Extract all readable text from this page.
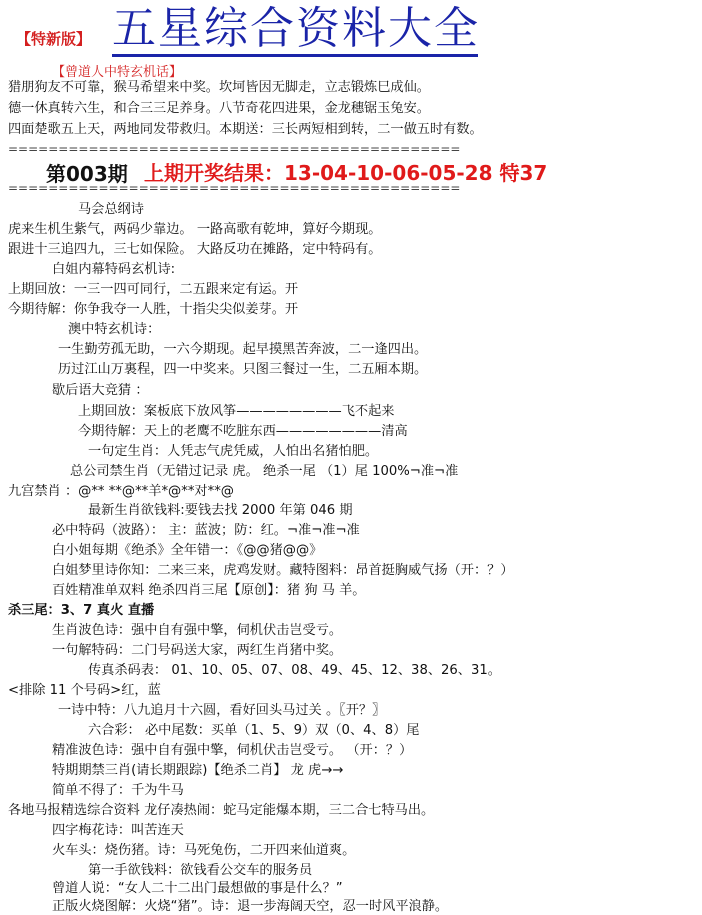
【特新版】 五星综合资料大全
【曾道人中特玄机话】
猎朋狗友不可靠，猴马希望来中奖。坎坷皆因无脚走，立志锻炼巳成仙。
德一休真转六生，和合三三足养身。八节奇花四进果，金龙穗锯玉兔安。
四面楚歌五上天，两地同发带救归。本期送：三长两短相到转，二一做五时有数。
=============================================
第003期 上期开奖结果：13-04-10-06-05-28 特37
=============================================
马会总纲诗
虎来生机生紫气，两码少靠边。 一路高歌有乾坤，算好今期现。
跟进十三追四九，三七如保险。 大路反功在摊路，定中特码有。
白姐内幕特码玄机诗:
上期回放：一三一四可同行，二五跟来定有运。开
今期待解：你争我夺一人胜，十指尖尖似姜芽。开
澳中特玄机诗：
一生勤劳孤无助，一六今期现。起早摸黑苦奔波，二一逢四出。
历过江山万裏程，四一中奖来。只图三餐过一生，二五厢本期。
歇后语大竞猜 ：
上期回放：案板底下放风筝————————飞不起来
今期待解：天上的老鹰不吃脏东西————————清高
一句定生肖：人凭志气虎凭威，人怕出名猪怕肥。
总公司禁生肖（无错过记录 虎。 绝杀一尾 （1）尾 100%¬准¬准
九宫禁肖 ：@** **@**羊*@**对**@
最新生肖欲钱料:要钱去找 2000 年第 046 期
必中特码（波路）： 主：蓝波；防：红。¬准¬准¬准
白小姐每期《绝杀》全年错一：《@@猪@@》
白姐梦里诗你知：二来三来，虎鸡发财。藏特图料：昂首挺胸威气扬（开：？）
百姓精准单双料 绝杀四肖三尾【原创】：猪 狗 马 羊。
杀三尾：3、7 真火 直播
生肖波色诗：强中自有强中擎，伺机伏击岂受亏。
一句解特码：二门号码送大家，两红生肖猪中奖。
传真杀码表： 01、10、05、07、08、49、45、12、38、26、31。
<排除 11 个号码>红，蓝
一诗中特：八九追月十六圆，看好回头马过关 。〖开？〗
六合彩： 必中尾数：买单（1、5、9）双（0、4、8）尾
精准波色诗：强中自有强中擎，伺机伏击岂受亏。 （开：？）
特期期禁三肖(请长期跟踪)【绝杀二肖】 龙 虎→→
简单不得了：千为牛马
各地马报精选综合资料 龙仔凑热闹：蛇马定能爆本期，三二合七特马出。
四字梅花诗：叫苦连天
火车头：烧伤猪。诗：马死兔伤，二开四来仙道爽。
第一手欲钱料：欲钱看公交车的服务员
曾道人说：“女人二十二出门最想做的事是什么？”
正版火烧图解：火烧“猪”。诗：退一步海阔天空，忍一时风平浪静。
